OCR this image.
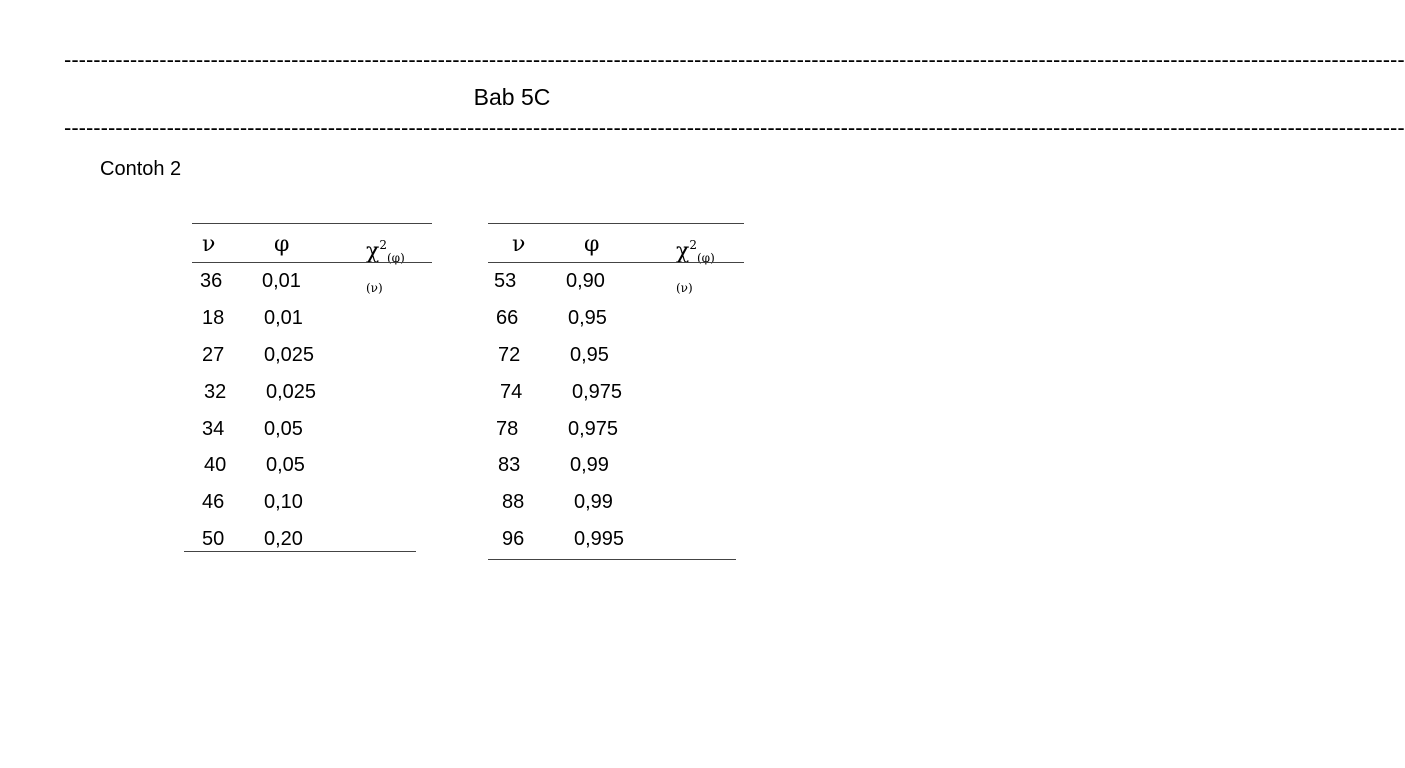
---------------------------------------------------------------------------------------------------------------------------------------------------------------------------------------
Bab 5C
---------------------------------------------------------------------------------------------------------------------------------------------------------------------------------------
Contoh 2
ν	φ	$\chi^2_{(\varphi)(\nu)}$
36 0,01
18 0,01
27 0,025
32 0,025
34 0,05
40 0,05
46 0,10
50 0,20
ν	φ	$\chi^2_{(\varphi)(\nu)}$
53 0,90
66 0,95
72 0,95
74 0,975
78 0,975
83 0,99
88 0,99
96 0,995
